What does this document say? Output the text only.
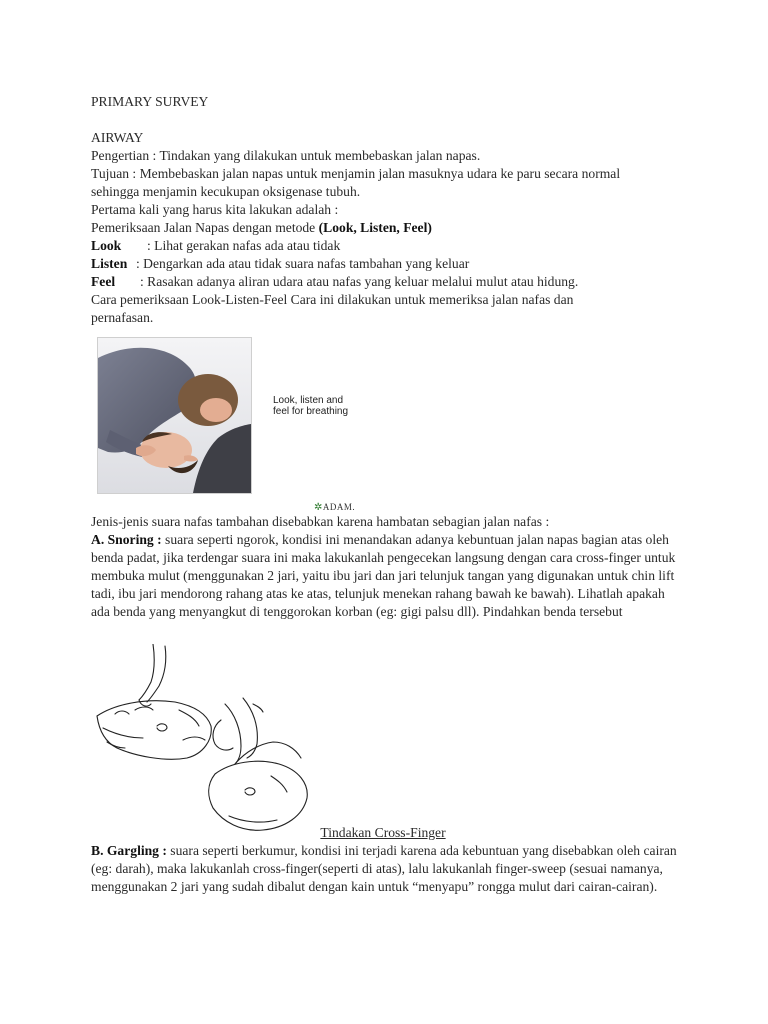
PRIMARY SURVEY
AIRWAY
Pengertian : Tindakan yang dilakukan untuk membebaskan jalan napas.
Tujuan : Membebaskan jalan napas untuk menjamin jalan masuknya udara ke paru secara normal
sehingga menjamin kecukupan oksigenase tubuh.
Pertama kali yang harus kita lakukan adalah :
Pemeriksaan Jalan Napas dengan metode (Look, Listen, Feel)
Look : Lihat gerakan nafas ada atau tidak
Listen : Dengarkan ada atau tidak suara nafas tambahan yang keluar
Feel : Rasakan adanya aliran udara atau nafas yang keluar melalui mulut atau hidung.
Cara pemeriksaan Look-Listen-Feel Cara ini dilakukan untuk memeriksa jalan nafas dan
pernafasan.
Look, listen and
feel for breathing
✲ADAM.
Jenis-jenis suara nafas tambahan disebabkan karena hambatan sebagian jalan nafas :
A. Snoring : suara seperti ngorok, kondisi ini menandakan adanya kebuntuan jalan napas bagian atas oleh benda padat, jika terdengar suara ini maka lakukanlah pengecekan langsung dengan cara cross-finger untuk membuka mulut (menggunakan 2 jari, yaitu ibu jari dan jari telunjuk tangan yang digunakan untuk chin lift tadi, ibu jari mendorong rahang atas ke atas, telunjuk menekan rahang bawah ke bawah). Lihatlah apakah ada benda yang menyangkut di tenggorokan korban (eg: gigi palsu dll). Pindahkan benda tersebut
Tindakan Cross-Finger
B. Gargling : suara seperti berkumur, kondisi ini terjadi karena ada kebuntuan yang disebabkan oleh cairan (eg: darah), maka lakukanlah cross-finger(seperti di atas), lalu lakukanlah finger-sweep (sesuai namanya, menggunakan 2 jari yang sudah dibalut dengan kain untuk “menyapu” rongga mulut dari cairan-cairan).
